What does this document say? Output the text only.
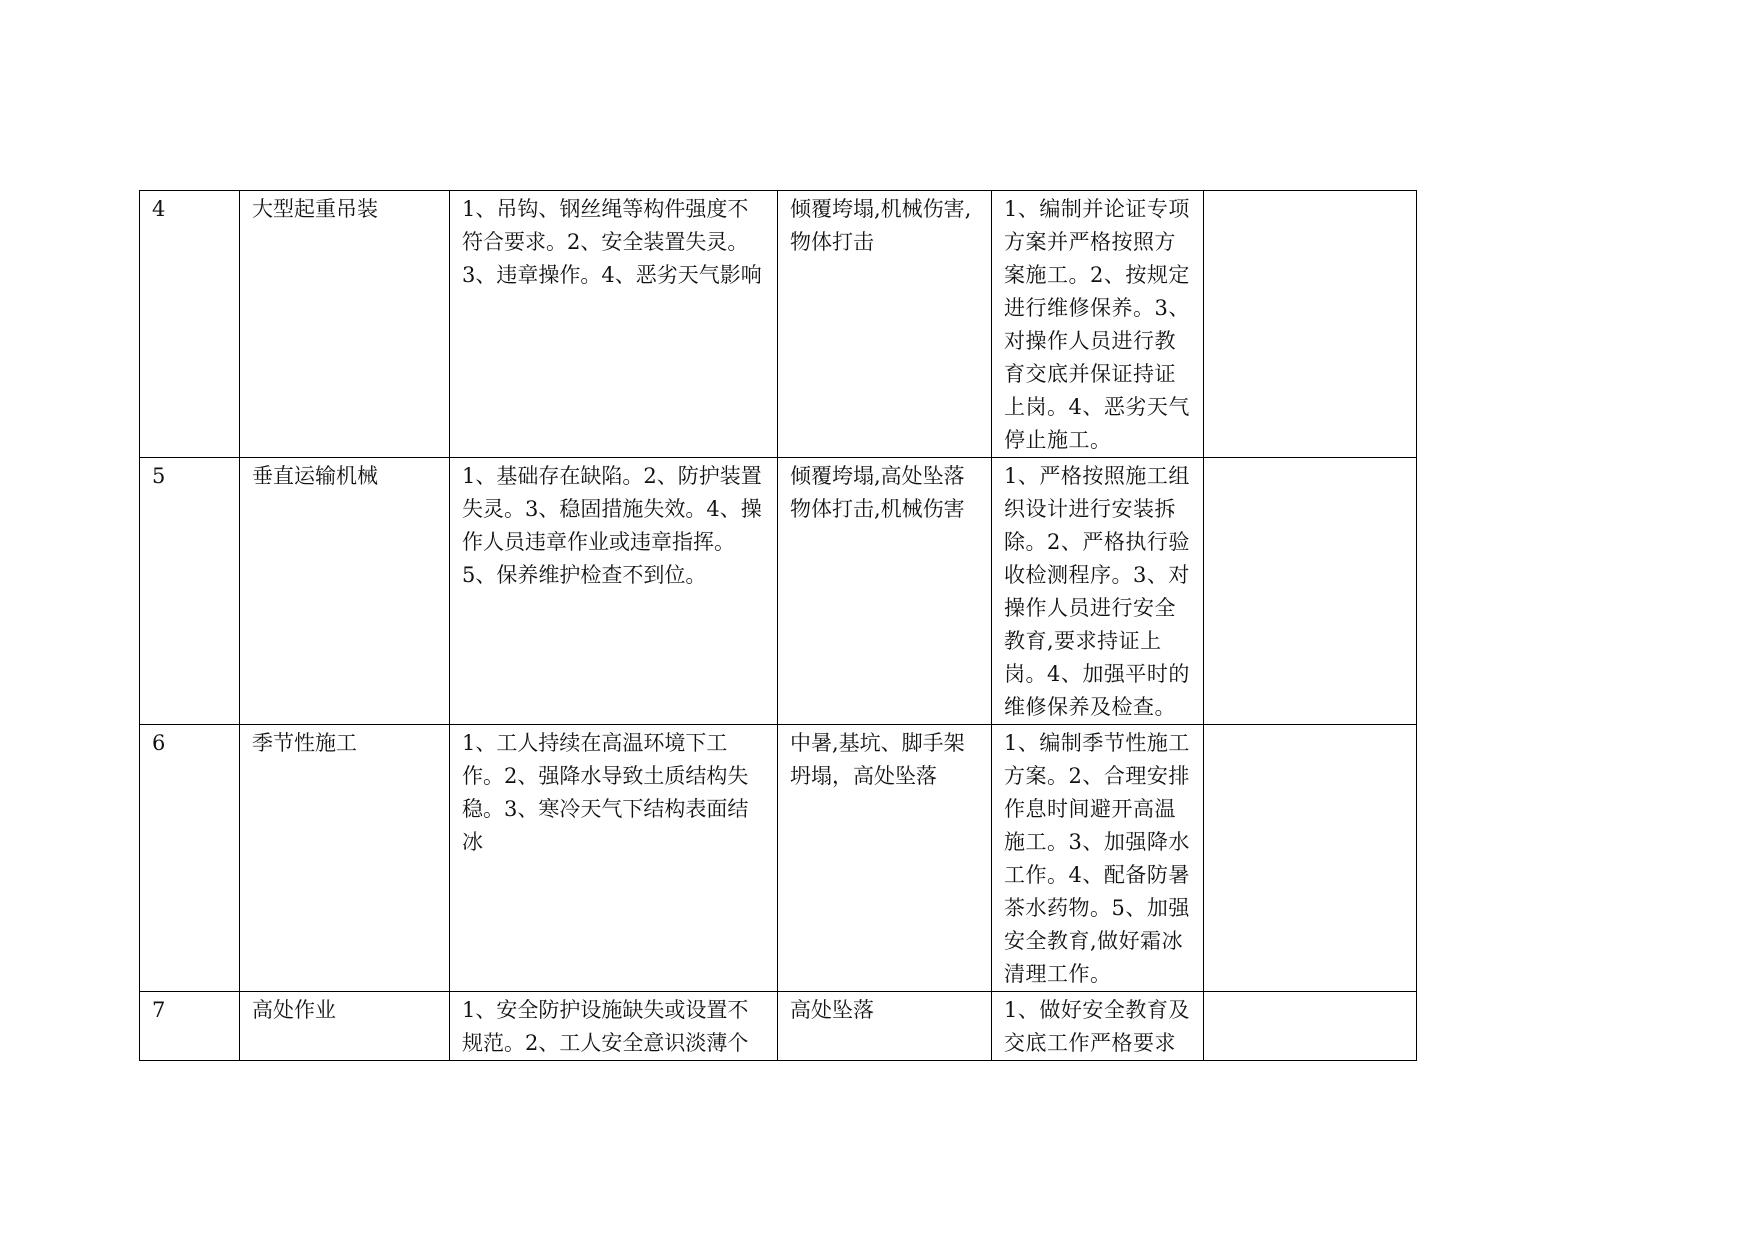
4	大型起重吊装	1、吊钩、钢丝绳等构件强度不符合要求。2、安全装置失灵。3、违章操作。4、恶劣天气影响	倾覆垮塌,机械伤害,物体打击	1、编制并论证专项方案并严格按照方案施工。2、按规定进行维修保养。3、对操作人员进行教育交底并保证持证上岗。4、恶劣天气停止施工。	

5	垂直运输机械	1、基础存在缺陷。2、防护装置失灵。3、稳固措施失效。4、操作人员违章作业或违章指挥。5、保养维护检查不到位。	倾覆垮塌,高处坠落物体打击,机械伤害	1、严格按照施工组织设计进行安装拆除。2、严格执行验收检测程序。3、对操作人员进行安全教育,要求持证上岗。4、加强平时的维修保养及检查。	

6	季节性施工	1、工人持续在高温环境下工作。2、强降水导致土质结构失稳。3、寒冷天气下结构表面结冰	中暑,基坑、脚手架坍塌，高处坠落	1、编制季节性施工方案。2、合理安排作息时间避开高温施工。3、加强降水工作。4、配备防暑茶水药物。5、加强安全教育,做好霜冰清理工作。	

7	高处作业	1、安全防护设施缺失或设置不规范。2、工人安全意识淡薄个	高处坠落	1、做好安全教育及交底工作严格要求	
